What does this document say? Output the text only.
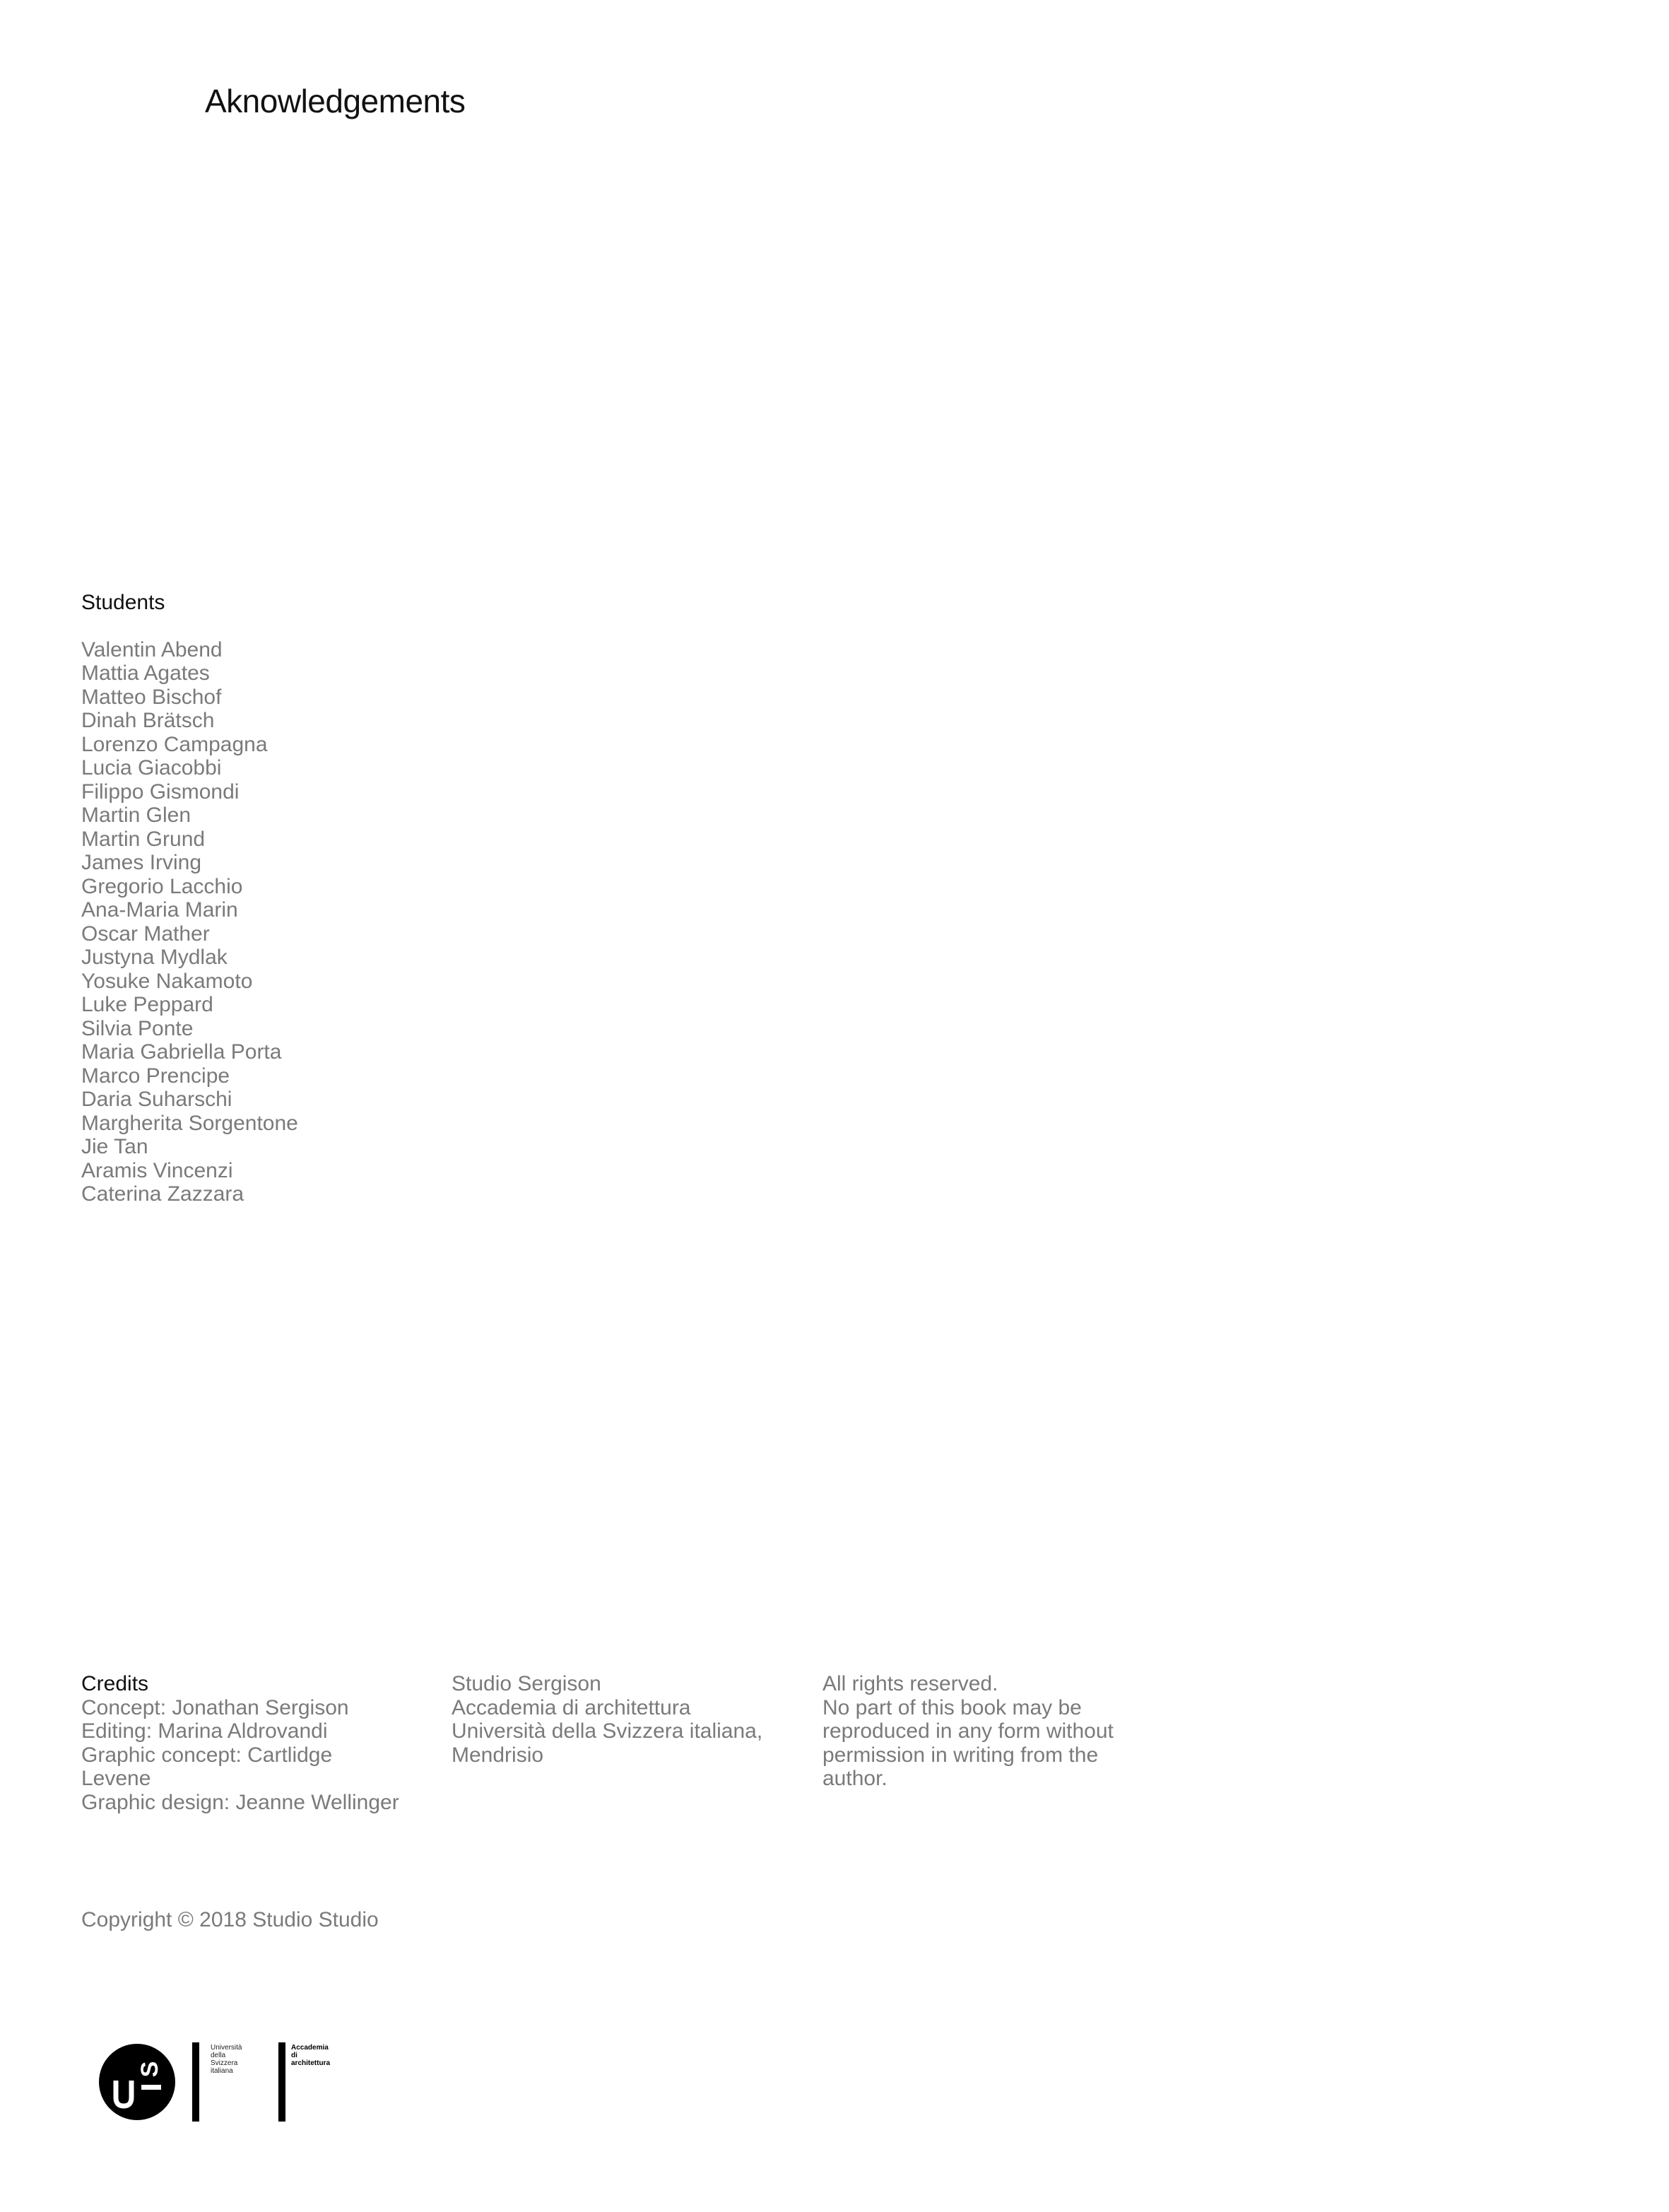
Aknowledgements
Students
Valentin Abend
Mattia Agates
Matteo Bischof
Dinah Brätsch
Lorenzo Campagna
Lucia Giacobbi
Filippo Gismondi
Martin Glen
Martin Grund
James Irving
Gregorio Lacchio
Ana-Maria Marin
Oscar Mather
Justyna Mydlak
Yosuke Nakamoto
Luke Peppard
Silvia Ponte
Maria Gabriella Porta
Marco Prencipe
Daria Suharschi
Margherita Sorgentone
Jie Tan
Aramis Vincenzi
Caterina Zazzara
Credits
Concept: Jonathan Sergison
Editing: Marina Aldrovandi
Graphic concept: Cartlidge
Levene
Graphic design: Jeanne Wellinger
Studio Sergison
Accademia di architettura
Università della Svizzera italiana,
Mendrisio
All rights reserved.
No part of this book may be
reproduced in any form without
permission in writing from the
author.
Copyright © 2018 Studio Studio
S
Università
della
Svizzera
italiana
Accademia
di
architettura
